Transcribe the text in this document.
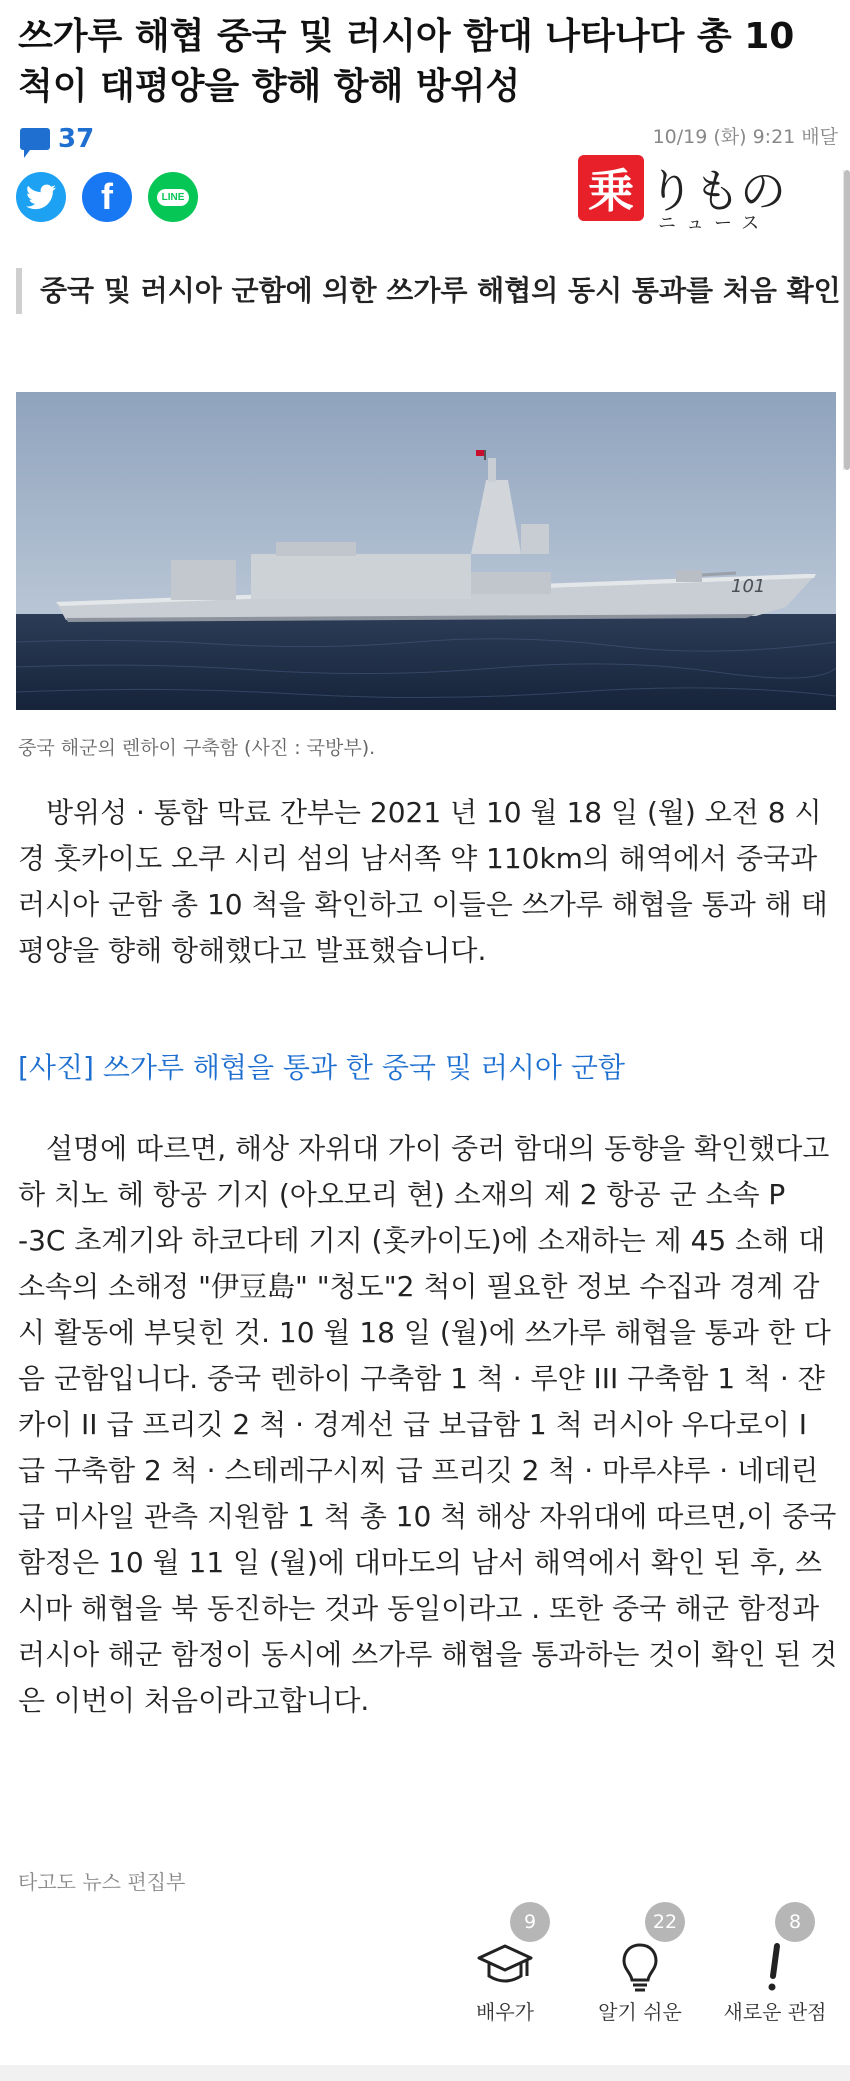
쓰가루 해협 중국 및 러시아 함대 나타나다 총 10 척이 태평양을 향해 항해 방위성
37	10/19 (화) 9:21 배달
f	LINE	乗 りもの
ニュース
중국 및 러시아 군함에 의한 쓰가루 해협의 동시 통과를 처음 확인
101
중국 해군의 렌하이 구축함 (사진 : 국방부).

방위성 · 통합 막료 간부는 2021 년 10 월 18 일 (월) 오전 8 시경 홋카이도 오쿠 시리 섬의 남서쪽 약 110km의 해역에서 중국과 러시아 군함 총 10 척을 확인하고 이들은 쓰가루 해협을 통과 해 태평양을 향해 항해했다고 발표했습니다.

[사진] 쓰가루 해협을 통과 한 중국 및 러시아 군함

설명에 따르면, 해상 자위대 가이 중러 함대의 동향을 확인했다고 하 치노 헤 항공 기지 (아오모리 현) 소재의 제 2 항공 군 소속 P -3C 초계기와 하코다테 기지 (홋카이도)에 소재하는 제 45 소해 대 소속의 소해정 "伊豆島" "청도"2 척이 필요한 정보 수집과 경계 감시 활동에 부딪힌 것. 10 월 18 일 (월)에 쓰가루 해협을 통과 한 다음 군함입니다. 중국 렌하이 구축함 1 척 · 루얀 III 구축함 1 척 · 쟌카이 II 급 프리깃 2 척 · 경계선 급 보급함 1 척 러시아 우다로이 I 급 구축함 2 척 · 스테레구시찌 급 프리깃 2 척 · 마루샤루 · 네데린 급 미사일 관측 지원함 1 척 총 10 척 해상 자위대에 따르면,이 중국 함정은 10 월 11 일 (월)에 대마도의 남서 해역에서 확인 된 후, 쓰시마 해협을 북 동진하는 것과 동일이라고 . 또한 중국 해군 함정과 러시아 해군 함정이 동시에 쓰가루 해협을 통과하는 것이 확인 된 것은 이번이 처음이라고합니다.

타고도 뉴스 편집부
9
배우가
22
알기 쉬운
8
새로운 관점
